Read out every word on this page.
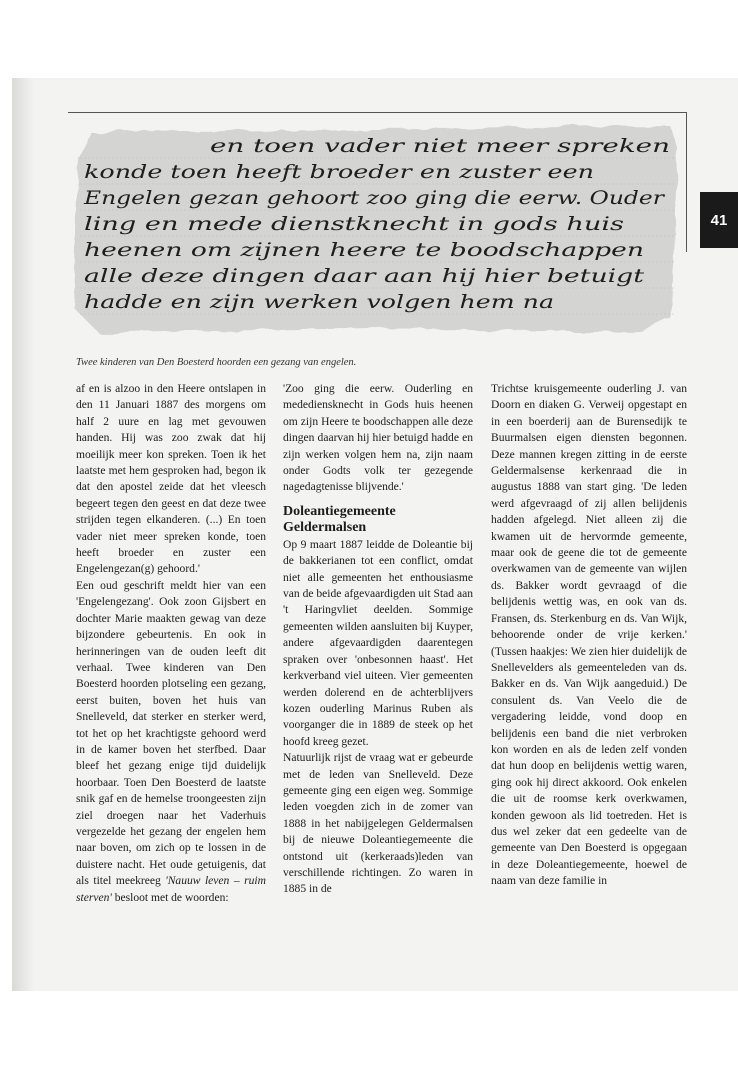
41
en toen vader niet meer spreken
konde toen heeft broeder en zuster een
Engelen gezan gehoort zoo ging die eerw. Ouder
ling en mede dienstknecht in gods huis
heenen om zijnen heere te boodschappen
alle deze dingen daar aan hij hier betuigt
hadde en zijn werken volgen hem na
Twee kinderen van Den Boesterd hoorden een gezang van engelen.

af en is alzoo in den Heere ontslapen in den 11 Januari 1887 des morgens om half 2 uure en lag met gevouwen handen. Hij was zoo zwak dat hij moeilijk meer kon spreken. Toen ik het laatste met hem gesproken had, begon ik dat den apostel zeide dat het vleesch begeert tegen den geest en dat deze twee strijden tegen elkanderen. (...) En toen vader niet meer spreken konde, toen heeft broeder en zuster een Engelengezan(g) gehoord.'

Een oud geschrift meldt hier van een 'Engelengezang'. Ook zoon Gijsbert en dochter Marie maakten gewag van deze bijzondere gebeurtenis. En ook in herinneringen van de ouden leeft dit verhaal. Twee kinderen van Den Boesterd hoorden plotseling een gezang, eerst buiten, boven het huis van Snelleveld, dat sterker en sterker werd, tot het op het krachtigste gehoord werd in de kamer boven het sterfbed. Daar bleef het gezang enige tijd duidelijk hoorbaar. Toen Den Boesterd de laatste snik gaf en de hemelse troongeesten zijn ziel droegen naar het Vaderhuis vergezelde het gezang der engelen hem naar boven, om zich op te lossen in de duistere nacht. Het oude getuigenis, dat als titel meekreeg 'Nauuw leven – ruim sterven' besloot met de woorden:

'Zoo ging die eerw. Ouderling en medediensknecht in Gods huis heenen om zijn Heere te boodschappen alle deze dingen daarvan hij hier betuigd hadde en zijn werken volgen hem na, zijn naam onder Godts volk ter gezegende nagedagtenisse blijvende.'

Doleantiegemeente Geldermalsen

Op 9 maart 1887 leidde de Doleantie bij de bakkerianen tot een conflict, omdat niet alle gemeenten het enthousiasme van de beide afgevaardigden uit Stad aan 't Haringvliet deelden. Sommige gemeenten wilden aansluiten bij Kuyper, andere afgevaardigden daarentegen spraken over 'onbesonnen haast'. Het kerkverband viel uiteen. Vier gemeenten werden dolerend en de achterblijvers kozen ouderling Marinus Ruben als voorganger die in 1889 de steek op het hoofd kreeg gezet.

Natuurlijk rijst de vraag wat er gebeurde met de leden van Snelleveld. Deze gemeente ging een eigen weg. Sommige leden voegden zich in de zomer van 1888 in het nabijgelegen Geldermalsen bij de nieuwe Doleantiegemeente die ontstond uit (kerkeraads)leden van verschillende richtingen. Zo waren in 1885 in de

Trichtse kruisgemeente ouderling J. van Doorn en diaken G. Verweij opgestapt en in een boerderij aan de Burensedijk te Buurmalsen eigen diensten begonnen. Deze mannen kregen zitting in de eerste Geldermalsense kerkenraad die in augustus 1888 van start ging. 'De leden werd afgevraagd of zij allen belijdenis hadden afgelegd. Niet alleen zij die kwamen uit de hervormde gemeente, maar ook de geene die tot de gemeente overkwamen van de gemeente van wijlen ds. Bakker wordt gevraagd of die belijdenis wettig was, en ook van ds. Fransen, ds. Sterkenburg en ds. Van Wijk, behoorende onder de vrije kerken.' (Tussen haakjes: We zien hier duidelijk de Snellevelders als gemeenteleden van ds. Bakker en ds. Van Wijk aangeduid.) De consulent ds. Van Veelo die de vergadering leidde, vond doop en belijdenis een band die niet verbroken kon worden en als de leden zelf vonden dat hun doop en belijdenis wettig waren, ging ook hij direct akkoord. Ook enkelen die uit de roomse kerk overkwamen, konden gewoon als lid toetreden. Het is dus wel zeker dat een gedeelte van de gemeente van Den Boesterd is opgegaan in deze Doleantiegemeente, hoewel de naam van deze familie in
